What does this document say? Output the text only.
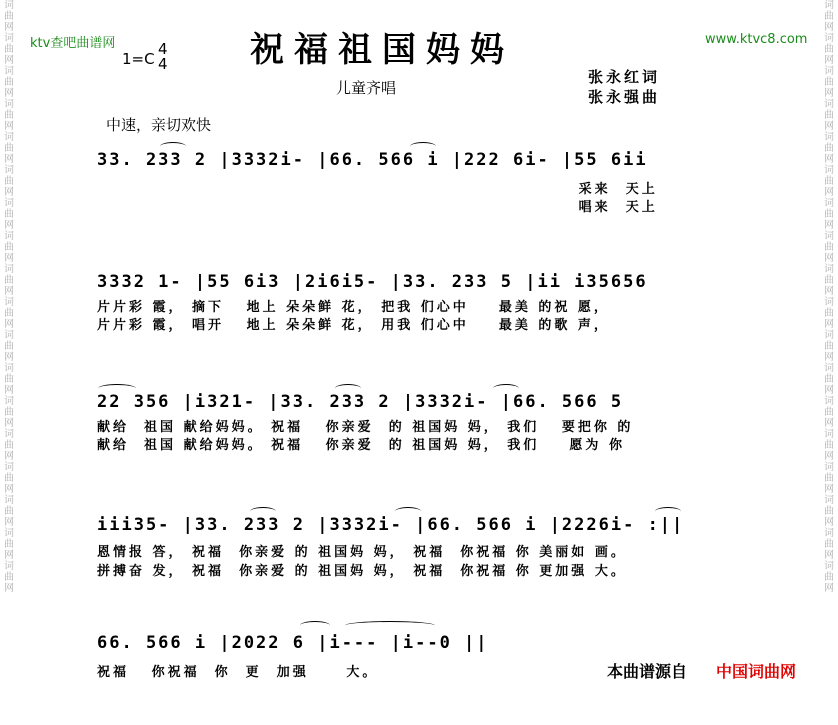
词曲网词曲网词曲网词曲网词曲网词曲网词曲网词曲网词曲网词曲网词曲网词曲网词曲网词曲网词曲网词曲网词曲网词曲网
词曲网词曲网词曲网词曲网词曲网词曲网词曲网词曲网词曲网词曲网词曲网词曲网词曲网词曲网词曲网词曲网词曲网词曲网
ktv查吧曲谱网	www.ktvc8.com
祝福祖国妈妈
1=C
4
4
儿童齐唱
张永红词
张永强曲
中速，亲切欢快
33. 233 2 |3332i- |66. 566 i |222 6i- |55 6ii
采来  天上
唱来  天上
3332 1- |55 6i3 |2i6i5- |33. 233 5 |ii i35656
片片彩 霞， 摘下   地上 朵朵鲜 花， 把我 们心中    最美 的祝 愿，
片片彩 霞， 唱开   地上 朵朵鲜 花， 用我 们心中    最美 的歌 声，
22 356 |i321- |33. 233 2 |3332i- |66. 566 5
献给  祖国 献给妈妈。 祝福   你亲爱  的 祖国妈 妈， 我们   要把你 的
献给  祖国 献给妈妈。 祝福   你亲爱  的 祖国妈 妈， 我们    愿为 你
iii35- |33. 233 2 |3332i- |66. 566 i |2226i- :||
恩情报 答， 祝福  你亲爱 的 祖国妈 妈， 祝福  你祝福 你 美丽如 画。
拼搏奋 发， 祝福  你亲爱 的 祖国妈 妈， 祝福  你祝福 你 更加强 大。
66. 566 i |2022 6 |i--- |i--0 ||
祝福   你祝福  你  更  加强     大。	本曲谱源自 中国词曲网
